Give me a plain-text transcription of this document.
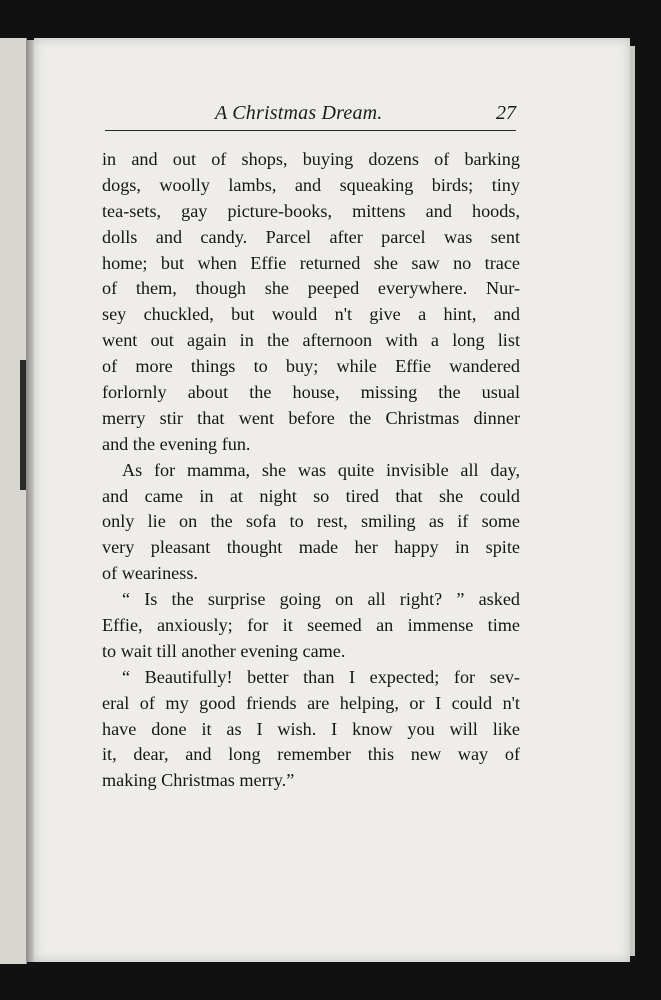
A Christmas Dream.	27
in and out of shops, buying dozens of barking
dogs, woolly lambs, and squeaking birds; tiny
tea-sets, gay picture-books, mittens and hoods,
dolls and candy. Parcel after parcel was sent
home; but when Effie returned she saw no trace
of them, though she peeped everywhere. Nur-
sey chuckled, but would n't give a hint, and
went out again in the afternoon with a long list
of more things to buy; while Effie wandered
forlornly about the house, missing the usual
merry stir that went before the Christmas dinner
and the evening fun.
As for mamma, she was quite invisible all day,
and came in at night so tired that she could
only lie on the sofa to rest, smiling as if some
very pleasant thought made her happy in spite
of weariness.
“ Is the surprise going on all right? ” asked
Effie, anxiously; for it seemed an immense time
to wait till another evening came.
“ Beautifully! better than I expected; for sev-
eral of my good friends are helping, or I could n't
have done it as I wish. I know you will like
it, dear, and long remember this new way of
making Christmas merry.”
